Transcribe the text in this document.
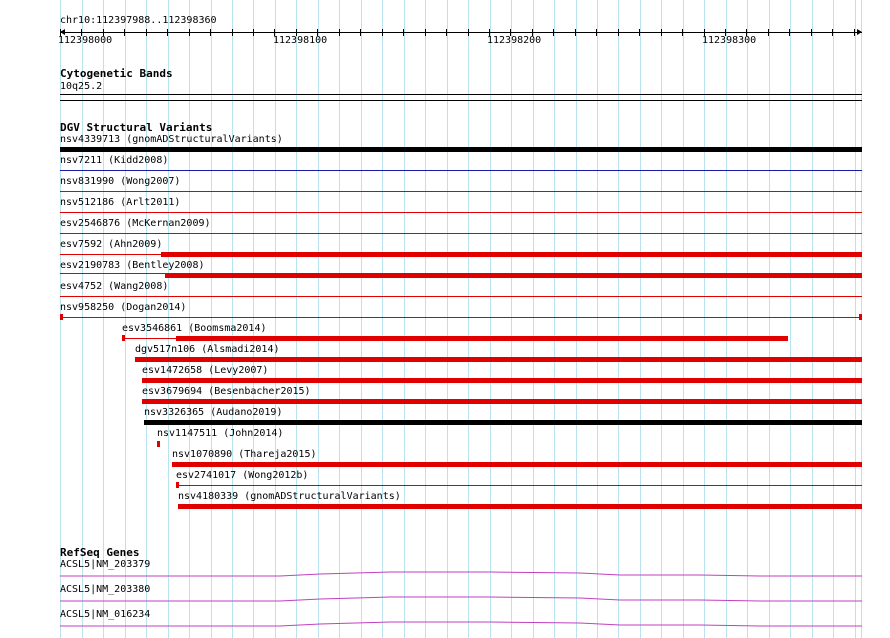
chr10:112397988..112398360
112398000	112398100	112398200	112398300
Cytogenetic Bands
10q25.2
DGV Structural Variants
nsv4339713 (gnomADStructuralVariants)
nsv7211 (Kidd2008)
nsv831990 (Wong2007)
nsv512186 (Arlt2011)
esv2546876 (McKernan2009)
esv7592 (Ahn2009)
esv2190783 (Bentley2008)
esv4752 (Wang2008)
nsv958250 (Dogan2014)
esv3546861 (Boomsma2014)
dgv517n106 (Alsmadi2014)
esv1472658 (Levy2007)
esv3679694 (Besenbacher2015)
nsv3326365 (Audano2019)
nsv1147511 (John2014)
nsv1070890 (Thareja2015)
esv2741017 (Wong2012b)
nsv4180339 (gnomADStructuralVariants)
RefSeq Genes
ACSL5|NM_203379
ACSL5|NM_203380
ACSL5|NM_016234
